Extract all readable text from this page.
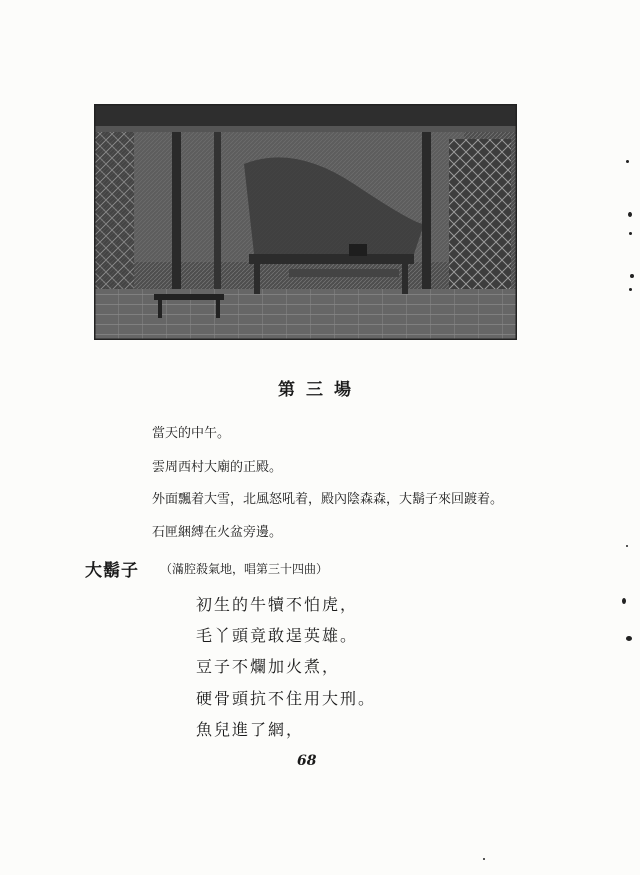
第三場
當天的中午。
雲周西村大廟的正殿。
外面飄着大雪，北風怒吼着，殿內陰森森，大鬍子來回踱着。
石匣綑縛在火盆旁邊。
大鬍子 （滿腔殺氣地，唱第三十四曲）
初生的牛犢不怕虎，
毛丫頭竟敢逞英雄。
豆子不爛加火煮，
硬骨頭抗不住用大刑。
魚兒進了網，
68
